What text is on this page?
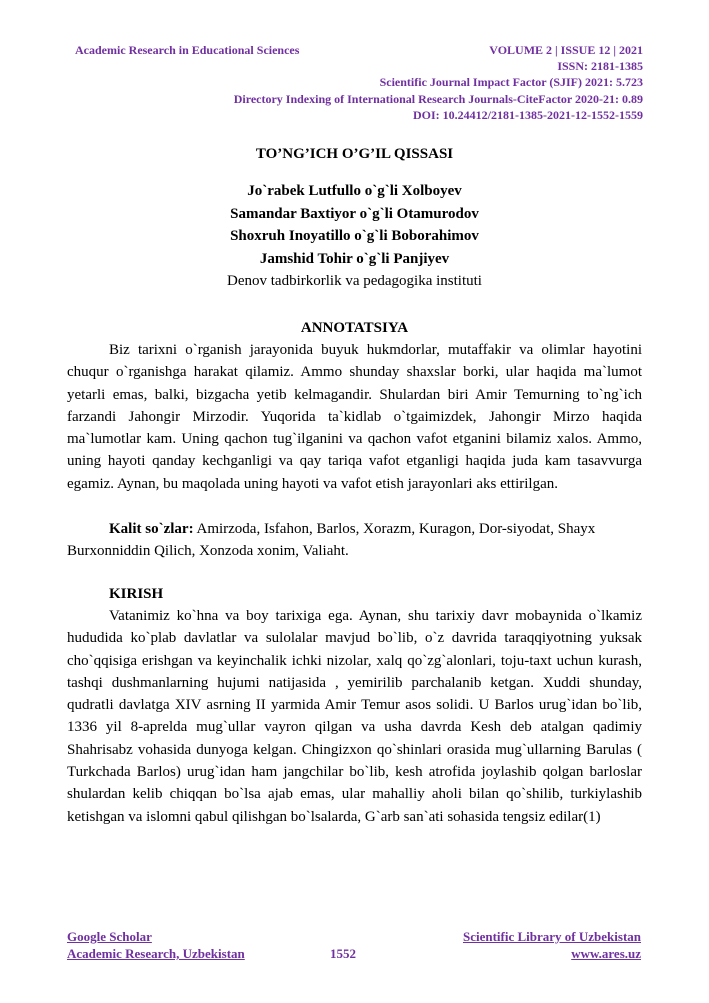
Academic Research in Educational Sciences	VOLUME 2 | ISSUE 12 | 2021
ISSN: 2181-1385
Scientific Journal Impact Factor (SJIF) 2021: 5.723
Directory Indexing of International Research Journals-CiteFactor 2020-21: 0.89
DOI: 10.24412/2181-1385-2021-12-1552-1559
TO’NG’ICH O’G’IL QISSASI
Jo`rabek Lutfullo o`g`li Xolboyev
Samandar Baxtiyor o`g`li Otamurodov
Shoxruh Inoyatillo o`g`li Boborahimov
Jamshid Tohir o`g`li Panjiyev
Denov tadbirkorlik va pedagogika instituti
ANNOTATSIYA
Biz tarixni o`rganish jarayonida buyuk hukmdorlar, mutaffakir va olimlar hayotini chuqur o`rganishga harakat qilamiz. Ammo shunday shaxslar borki, ular haqida ma`lumot yetarli emas, balki, bizgacha yetib kelmagandir. Shulardan biri Amir Temurning to`ng`ich farzandi Jahongir Mirzodir. Yuqorida ta`kidlab o`tgaimizdek, Jahongir Mirzo haqida ma`lumotlar kam. Uning qachon tug`ilganini va qachon vafot etganini bilamiz xalos. Ammo, uning hayoti qanday kechganligi va qay tariqa vafot etganligi haqida juda kam tasavvurga egamiz. Aynan, bu maqolada uning hayoti va vafot etish jarayonlari aks ettirilgan.
Kalit so`zlar: Amirzoda, Isfahon, Barlos, Xorazm, Kuragon, Dor-siyodat, Shayx Burxonniddin Qilich, Xonzoda xonim, Valiaht.
KIRISH
Vatanimiz ko`hna va boy tarixiga ega. Aynan, shu tarixiy davr mobaynida o`lkamiz hududida ko`plab davlatlar va sulolalar mavjud bo`lib, o`z davrida taraqqiyotning yuksak cho`qqisiga erishgan va keyinchalik ichki nizolar, xalq qo`zg`alonlari, toju-taxt uchun kurash, tashqi dushmanlarning hujumi natijasida , yemirilib parchalanib ketgan. Xuddi shunday, qudratli davlatga XIV asrning II yarmida Amir Temur asos solidi. U Barlos urug`idan bo`lib, 1336 yil 8-aprelda mug`ullar vayron qilgan va usha davrda Kesh deb atalgan qadimiy Shahrisabz vohasida dunyoga kelgan. Chingizxon qo`shinlari orasida mug`ullarning Barulas ( Turkchada Barlos) urug`idan ham jangchilar bo`lib, kesh atrofida joylashib qolgan barloslar shulardan kelib chiqqan bo`lsa ajab emas, ular mahalliy aholi bilan qo`shilib, turkiylashib ketishgan va islomni qabul qilishgan bo`lsalarda, G`arb san`ati sohasida tengsiz edilar(1)
Google Scholar
Academic Research, Uzbekistan	1552
Scientific Library of Uzbekistan
www.ares.uz
